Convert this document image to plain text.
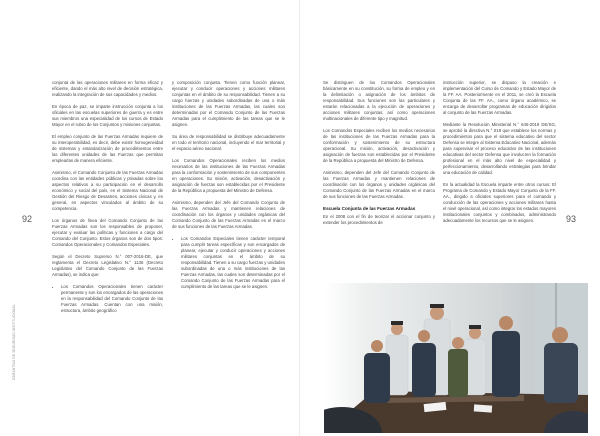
92
GARANTÍAS DE SEGURIDAD INSTITUCIONAL

conjunta de las operaciones militares en forma eficaz y eficiente, dando el más alto nivel de decisión estratégica, realizando la integración de sus capacidades y medios.

En época de paz, se imparte instrucción conjunta a los oficiales en las escuelas superiores de guerra y es entre sus miembros una especialidad de los cursos de Estado Mayor en el rubro de los Conjuntos y misiones conjuntas.

El empleo conjunto de las Fuerzas Armadas requiere de su interoperabilidad, es decir, debe existir homogeneidad de sistemas y estandarización de procedimientos entre las diferentes unidades de las Fuerzas que permitan emplearlas de manera eficiente.

Asimismo, el Comando Conjunto de las Fuerzas Armadas coordina con las entidades públicas y privadas sobre los aspectos relativos a su participación en el desarrollo económico y social del país, en el Sistema Nacional de Gestión del Riesgo de Desastres, acciones cívicas y, en general, en aspectos vinculados al ámbito de su competencia.

Los órganos de línea del Comando Conjunto de las Fuerzas Armadas son los responsables de proponer, ejecutar y evaluar las políticas y funciones a cargo del Comando del Conjunto. Estos órganos son de dos tipos: Comandos Operacionales y Comandos Especiales.

Según el Decreto Supremo N.° 007-2016-DE, que reglamenta el Decreto Legislativo N.° 1136 (Decreto Legislativo del Comando Conjunto de las Fuerzas Armadas), se indica que:

• Los Comandos Operacionales tienen carácter permanente y son los encargados de las operaciones en la responsabilidad del Comando Conjunto de las Fuerzas Armadas. Cuentan con una misión, estructura, ámbito geográfico

y composición conjunta. Tienen como función planear, ejecutar y conducir operaciones y acciones militares conjuntas en el ámbito de su responsabilidad. Tienen a su cargo fuerzas y unidades subordinadas de una o más instituciones de las Fuerzas Armadas, las cuales son determinadas por el Comando Conjunto de las Fuerzas Armadas para el cumplimiento de las tareas que se le asignen.

Su área de responsabilidad se distribuye adecuadamente en todo el territorio nacional, incluyendo el mar territorial y el espacio aéreo nacional.

Los Comandos Operacionales reciben los medios necesarios de las instituciones de las Fuerzas Armadas para la conformación y sostenimiento de sus componentes en operaciones. Su misión, activación, desactivación y asignación de fuerzas son establecidas por el Presidente de la República a propuesta del Ministro de Defensa.

Asimismo, dependen del Jefe del Comando Conjunto de las Fuerzas Armadas y mantienen relaciones de coordinación con los órganos y unidades orgánicas del Comando Conjunto de las Fuerzas Armadas en el marco de sus funciones de las Fuerzas Armadas.

• Los Comandos Especiales tienen carácter temporal para cumplir tareas específicas y son encargados de planear, ejecutar y conducir operaciones y acciones militares conjuntas en el ámbito de su responsabilidad. Tienen a su cargo fuerzas y unidades subordinadas de una o más instituciones de las Fuerzas Armadas, las cuales son determinadas por el Comando Conjunto de las Fuerzas Armadas para el cumplimiento de las tareas que se le asignen.
93

Se distinguen de los Comandos Operacionales básicamente en su constitución, su forma de empleo y en la delimitación o asignación de los ámbitos de responsabilidad. Sus funciones son las particulares y estarán relacionadas a la ejecución de operaciones y acciones militares conjuntas, así como operaciones multinacionales de diferente tipo y magnitud.

Los Comandos Especiales reciben los medios necesarios de las instituciones de las Fuerzas Armadas para la conformación y sostenimiento de su estructura operacional. Su misión, activación, desactivación y asignación de fuerzas son establecidas por el Presidente de la República a propuesta del Ministro de Defensa.

Asimismo, dependen del Jefe del Comando Conjunto de las Fuerzas Armadas y mantienen relaciones de coordinación con los órganos y unidades orgánicas del Comando Conjunto de las Fuerzas Armadas en el marco de sus funciones de las Fuerzas Armadas.

Escuela Conjunta de las Fuerzas Armadas

En el 2008 con el fin de teorizar el accionar conjunto y extender los procedimientos de

instrucción superior, se dispuso la creación e implementación del Curso de Comando y Estado Mayor de la FF. AA. Posteriormente en el 2011, se creó la Escuela Conjunta de las FF. AA., como órgano académico, se encarga de desarrollar programas de educación dirigidos al conjunto de las Fuerzas Armadas.

Mediante la Resolución Ministerial N.° 646-2019 DE/SG, se aprobó la directiva N.° 018 que establece los normas y procedimientos para que el sistema educativo del sector Defensa se integre al Sistema Educativo Nacional, además para supervisar el proceso educativo de las instituciones educativas del sector Defensa que involucren la formación profesional en el más alto nivel de especialidad y perfeccionamiento, desarrollando estrategias para brindar una educación de calidad.

En la actualidad la Escuela imparte entre otros cursos: El Programa de Comando y Estado Mayor Conjunto de la FF. AA., dirigido a oficiales superiores para el comando y conducción de las operaciones y acciones militares hasta el nivel operacional, así como integrar los estados mayores institucionales conjuntos y combinados, administrando adecuadamente los recursos que se le asignen.
